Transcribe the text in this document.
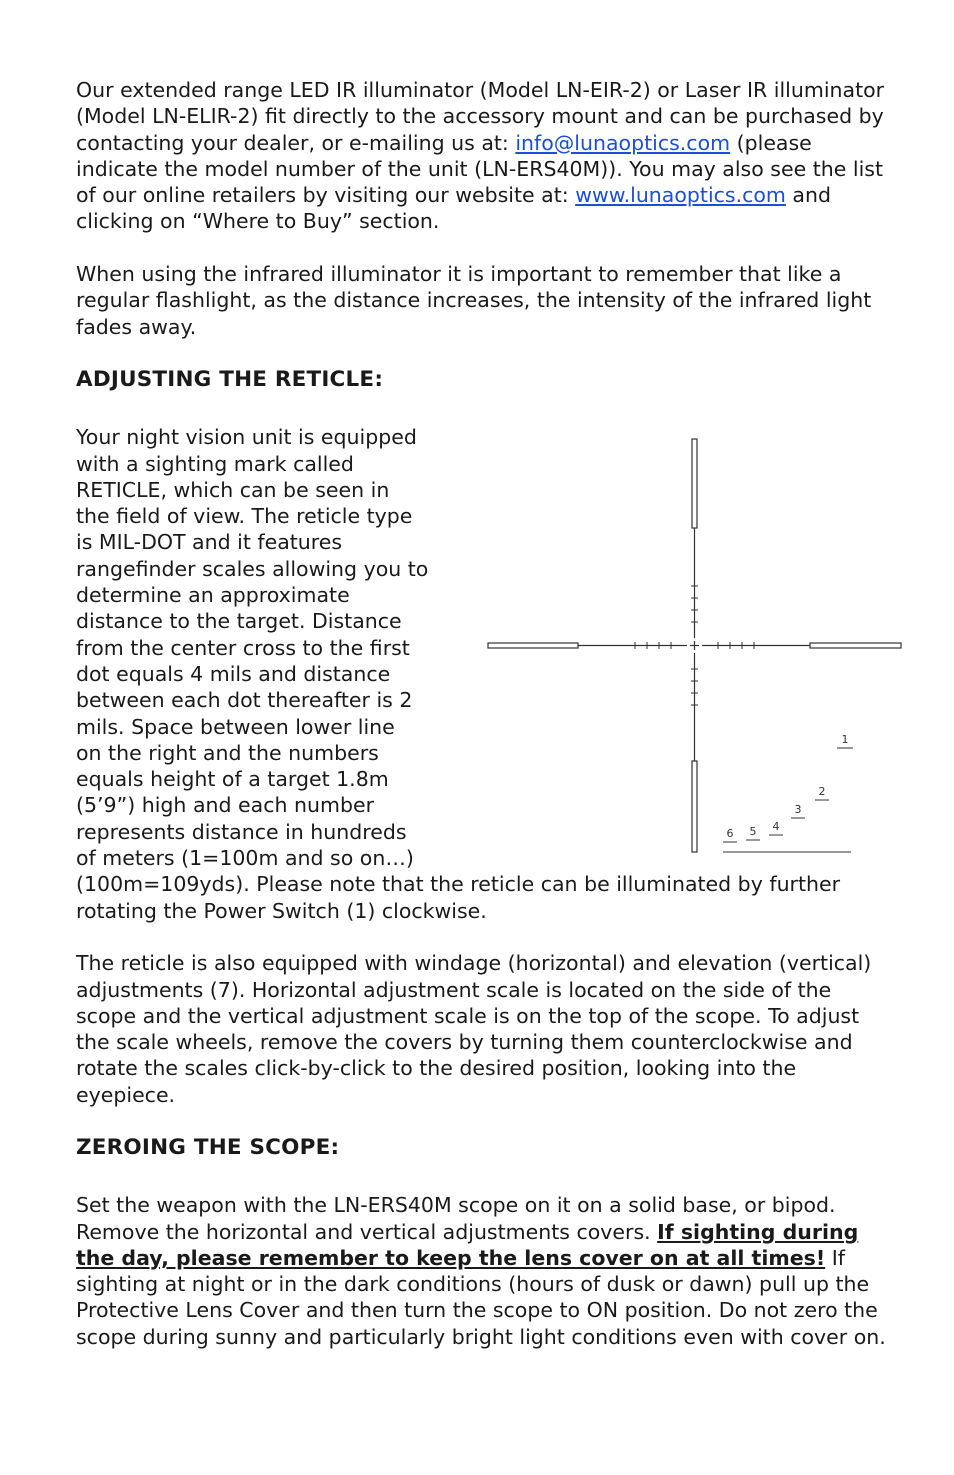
Our extended range LED IR illuminator (Model LN-EIR-2) or Laser IR illuminator (Model LN-ELIR-2) fit directly to the accessory mount and can be purchased by contacting your dealer, or e-mailing us at: info@lunaoptics.com (please indicate the model number of the unit (LN-ERS40M)). You may also see the list of our online retailers by visiting our website at: www.lunaoptics.com and clicking on “Where to Buy” section.

When using the infrared illuminator it is important to remember that like a regular flashlight, as the distance increases, the intensity of the infrared light fades away.

ADJUSTING THE RETICLE:
Your night vision unit is equipped
with a sighting mark called
RETICLE, which can be seen in
the field of view. The reticle type
is MIL-DOT and it features
rangefinder scales allowing you to
determine an approximate
distance to the target. Distance
from the center cross to the first
dot equals 4 mils and distance
between each dot thereafter is 2
mils. Space between lower line
on the right and the numbers
equals height of a target 1.8m
(5’9”) high and each number
represents distance in hundreds
of meters (1=100m and so on…)

(100m=109yds). Please note that the reticle can be illuminated by further rotating the Power Switch (1) clockwise.

The reticle is also equipped with windage (horizontal) and elevation (vertical) adjustments (7). Horizontal adjustment scale is located on the side of the scope and the vertical adjustment scale is on the top of the scope. To adjust the scale wheels, remove the covers by turning them counterclockwise and rotate the scales click-by-click to the desired position, looking into the eyepiece.

ZEROING THE SCOPE:

Set the weapon with the LN-ERS40M scope on it on a solid base, or bipod. Remove the horizontal and vertical adjustments covers. If sighting during the day, please remember to keep the lens cover on at all times! If sighting at night or in the dark conditions (hours of dusk or dawn) pull up the Protective Lens Cover and then turn the scope to ON position. Do not zero the scope during sunny and particularly bright light conditions even with cover on.

1
2
3
4
5
6
